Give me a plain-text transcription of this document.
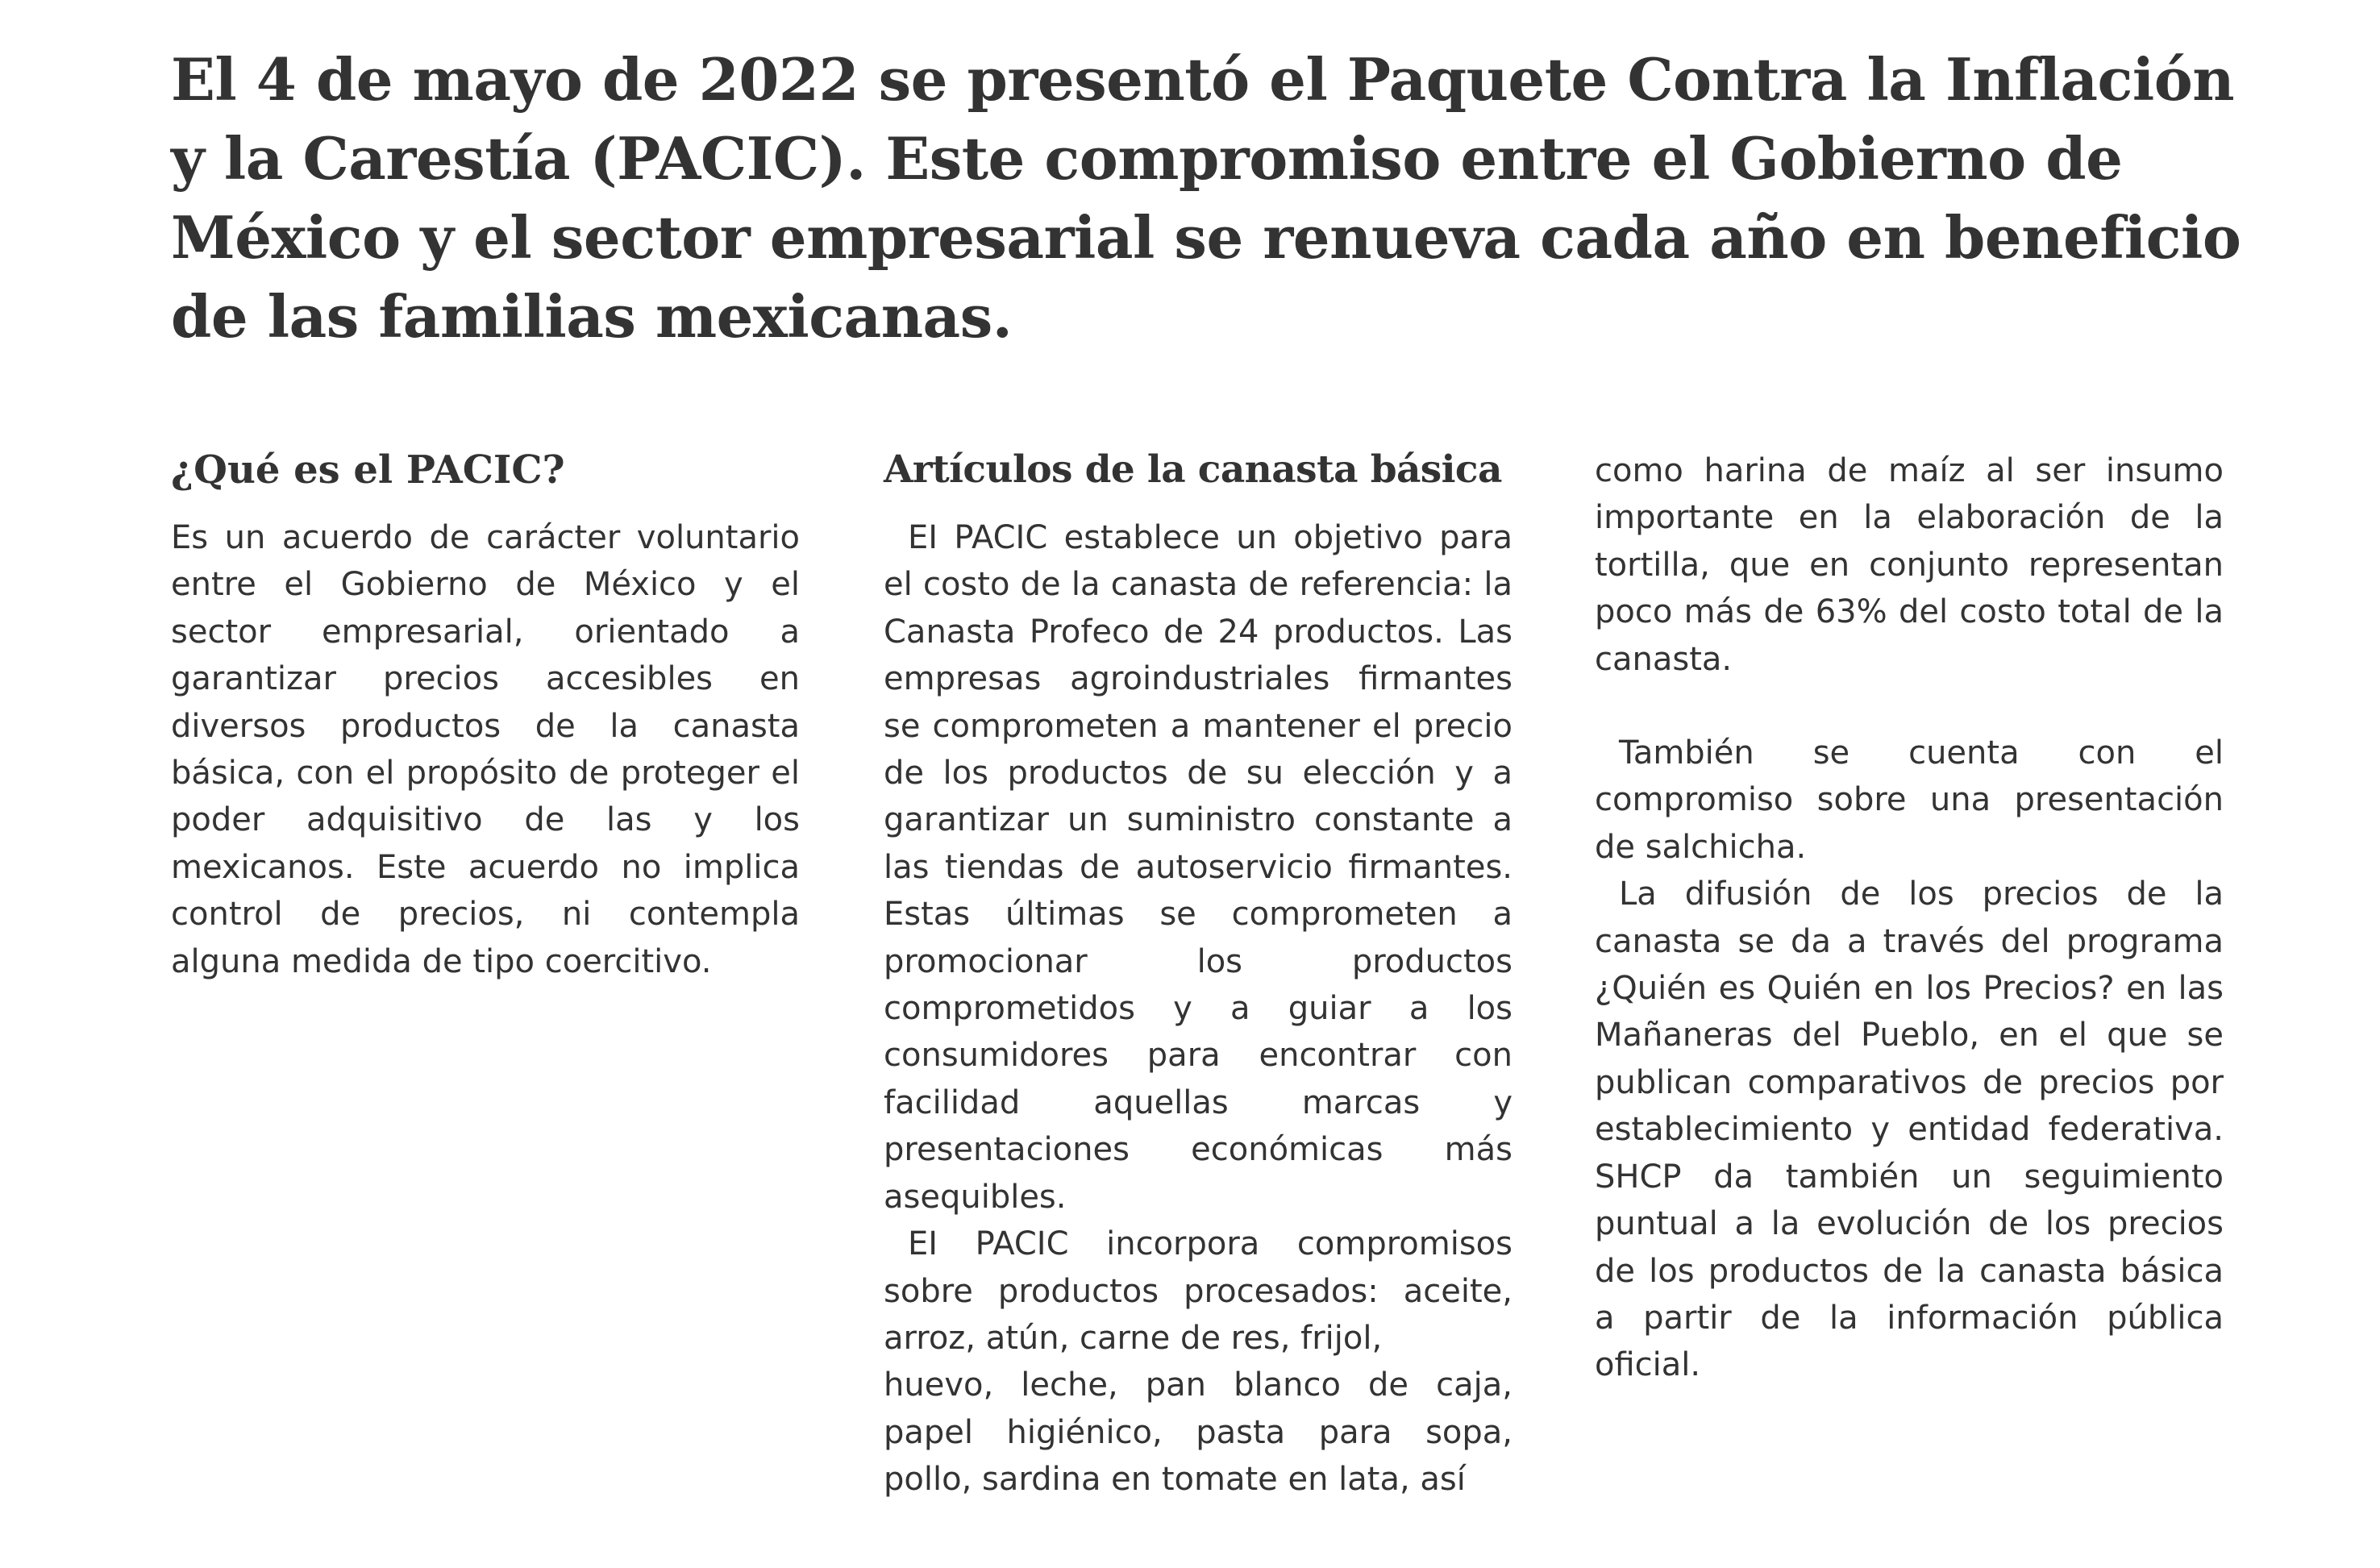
El 4 de mayo de 2022 se presentó el Paquete Contra la Inflación y la Carestía (PACIC). Este compromiso entre el Gobierno de México y el sector empresarial se renueva cada año en beneficio de las familias mexicanas.
¿Qué es el PACIC?

Es un acuerdo de carácter voluntario entre el Gobierno de México y el sector empresarial, orientado a garantizar precios accesibles en diversos productos de la canasta básica, con el propósito de proteger el poder adquisitivo de las y los mexicanos. Este acuerdo no implica control de precios, ni contempla alguna medida de tipo coercitivo.

Artículos de la canasta básica

EI PACIC establece un objetivo para el costo de la canasta de referencia: la Canasta Profeco de 24 productos. Las empresas agroindustriales firmantes se comprometen a mantener el precio de los productos de su elección y a garantizar un suministro constante a las tiendas de autoservicio firmantes. Estas últimas se comprometen a promocionar los productos comprometidos y a guiar a los consumidores para encontrar con facilidad aquellas marcas y presentaciones económicas más asequibles.

EI PACIC incorpora compromisos sobre productos procesados: aceite, arroz, atún, carne de res, frijol,

huevo, leche, pan blanco de caja, papel higiénico, pasta para sopa, pollo, sardina en tomate en lata, así

como harina de maíz al ser insumo importante en la elaboración de la tortilla, que en conjunto representan poco más de 63% del costo total de la canasta.

También se cuenta con el compromiso sobre una presentación de salchicha.

La difusión de los precios de la canasta se da a través del programa ¿Quién es Quién en los Precios? en las Mañaneras del Pueblo, en el que se publican comparativos de precios por establecimiento y entidad federativa. SHCP da también un seguimiento puntual a la evolución de los precios de los productos de la canasta básica a partir de la información pública oficial.
